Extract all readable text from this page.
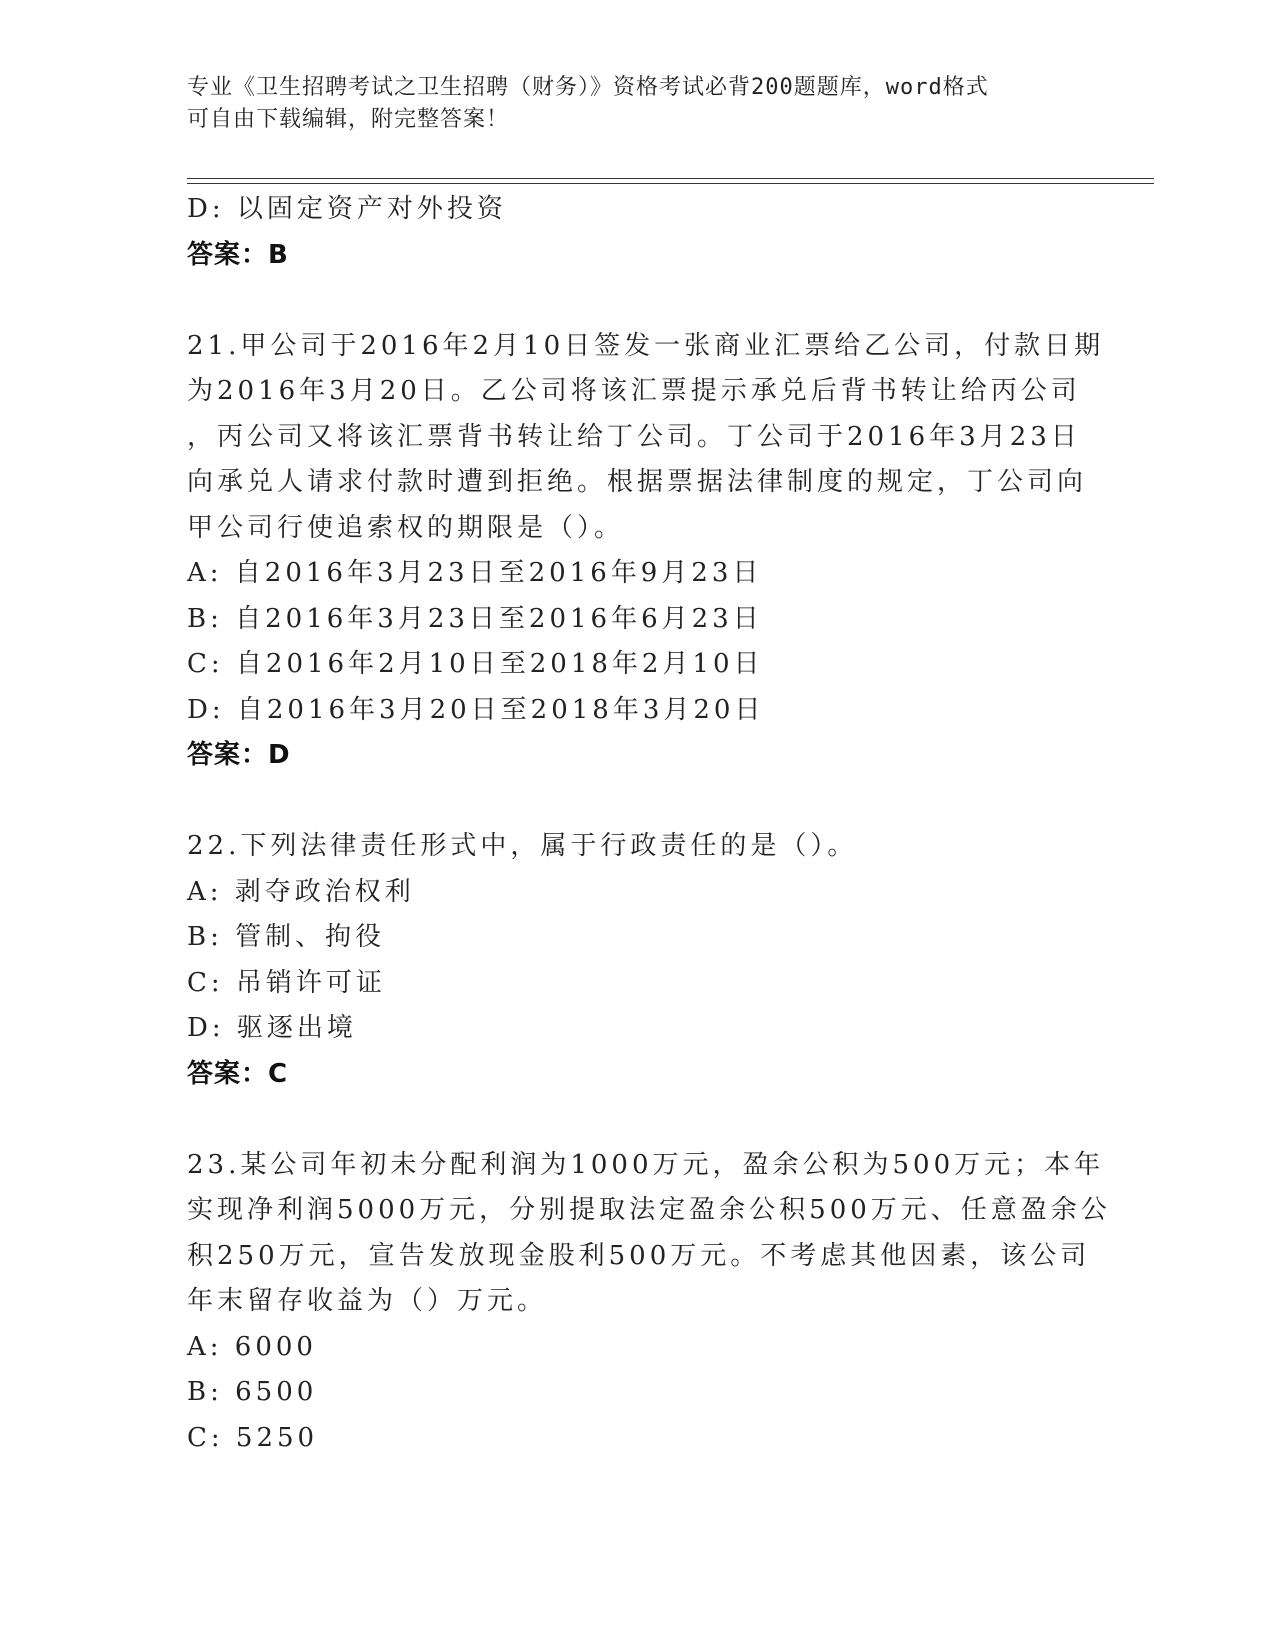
专业《卫生招聘考试之卫生招聘（财务）》资格考试必背200题题库，word格式
可自由下载编辑，附完整答案！
D: 以固定资产对外投资
答案：B
21.甲公司于2016年2月10日签发一张商业汇票给乙公司，付款日期
为2016年3月20日。乙公司将该汇票提示承兑后背书转让给丙公司
，丙公司又将该汇票背书转让给丁公司。丁公司于2016年3月23日
向承兑人请求付款时遭到拒绝。根据票据法律制度的规定，丁公司向
甲公司行使追索权的期限是（）。
A: 自2016年3月23日至2016年9月23日
B: 自2016年3月23日至2016年6月23日
C: 自2016年2月10日至2018年2月10日
D: 自2016年3月20日至2018年3月20日
答案：D
22.下列法律责任形式中，属于行政责任的是（）。
A: 剥夺政治权利
B: 管制、拘役
C: 吊销许可证
D: 驱逐出境
答案：C
23.某公司年初未分配利润为1000万元，盈余公积为500万元；本年
实现净利润5000万元，分别提取法定盈余公积500万元、任意盈余公
积250万元，宣告发放现金股利500万元。不考虑其他因素，该公司
年末留存收益为（）万元。
A: 6000
B: 6500
C: 5250
